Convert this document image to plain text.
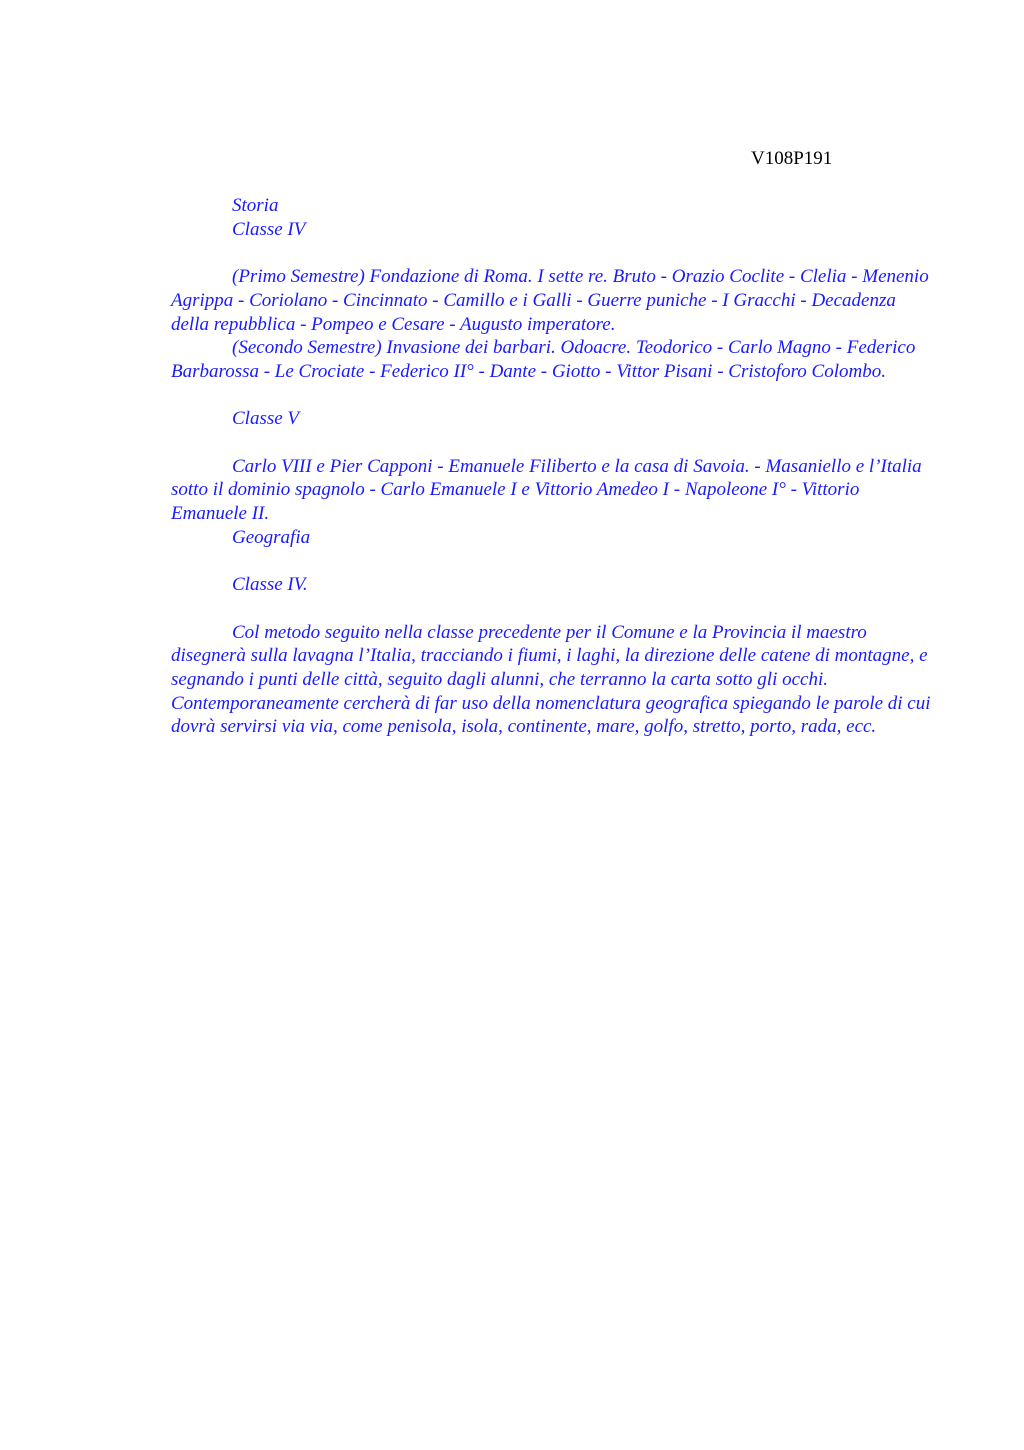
V108P191

Storia

Classe IV

(Primo Semestre) Fondazione di Roma. I sette re. Bruto - Orazio Coclite - Clelia - Menenio Agrippa - Coriolano - Cincinnato - Camillo e i Galli - Guerre puniche - I Gracchi - Decadenza della repubblica - Pompeo e Cesare - Augusto imperatore.

(Secondo Semestre) Invasione dei barbari. Odoacre. Teodorico - Carlo Magno - Federico Barbarossa - Le Crociate - Federico II° - Dante - Giotto - Vittor Pisani - Cristoforo Colombo.

Classe V

Carlo VIII e Pier Capponi - Emanuele Filiberto e la casa di Savoia. - Masaniello e l’Italia sotto il dominio spagnolo - Carlo Emanuele I e Vittorio Amedeo I - Napoleone I° - Vittorio Emanuele II.

Geografia

Classe IV.

Col metodo seguito nella classe precedente per il Comune e la Provincia il maestro disegnerà sulla lavagna l’Italia, tracciando i fiumi, i laghi, la direzione delle catene di montagne, e segnando i punti delle città, seguito dagli alunni, che terranno la carta sotto gli occhi. Contemporaneamente cercherà di far uso della nomenclatura geografica spiegando le parole di cui dovrà servirsi via via, come penisola, isola, continente, mare, golfo, stretto, porto, rada, ecc.
